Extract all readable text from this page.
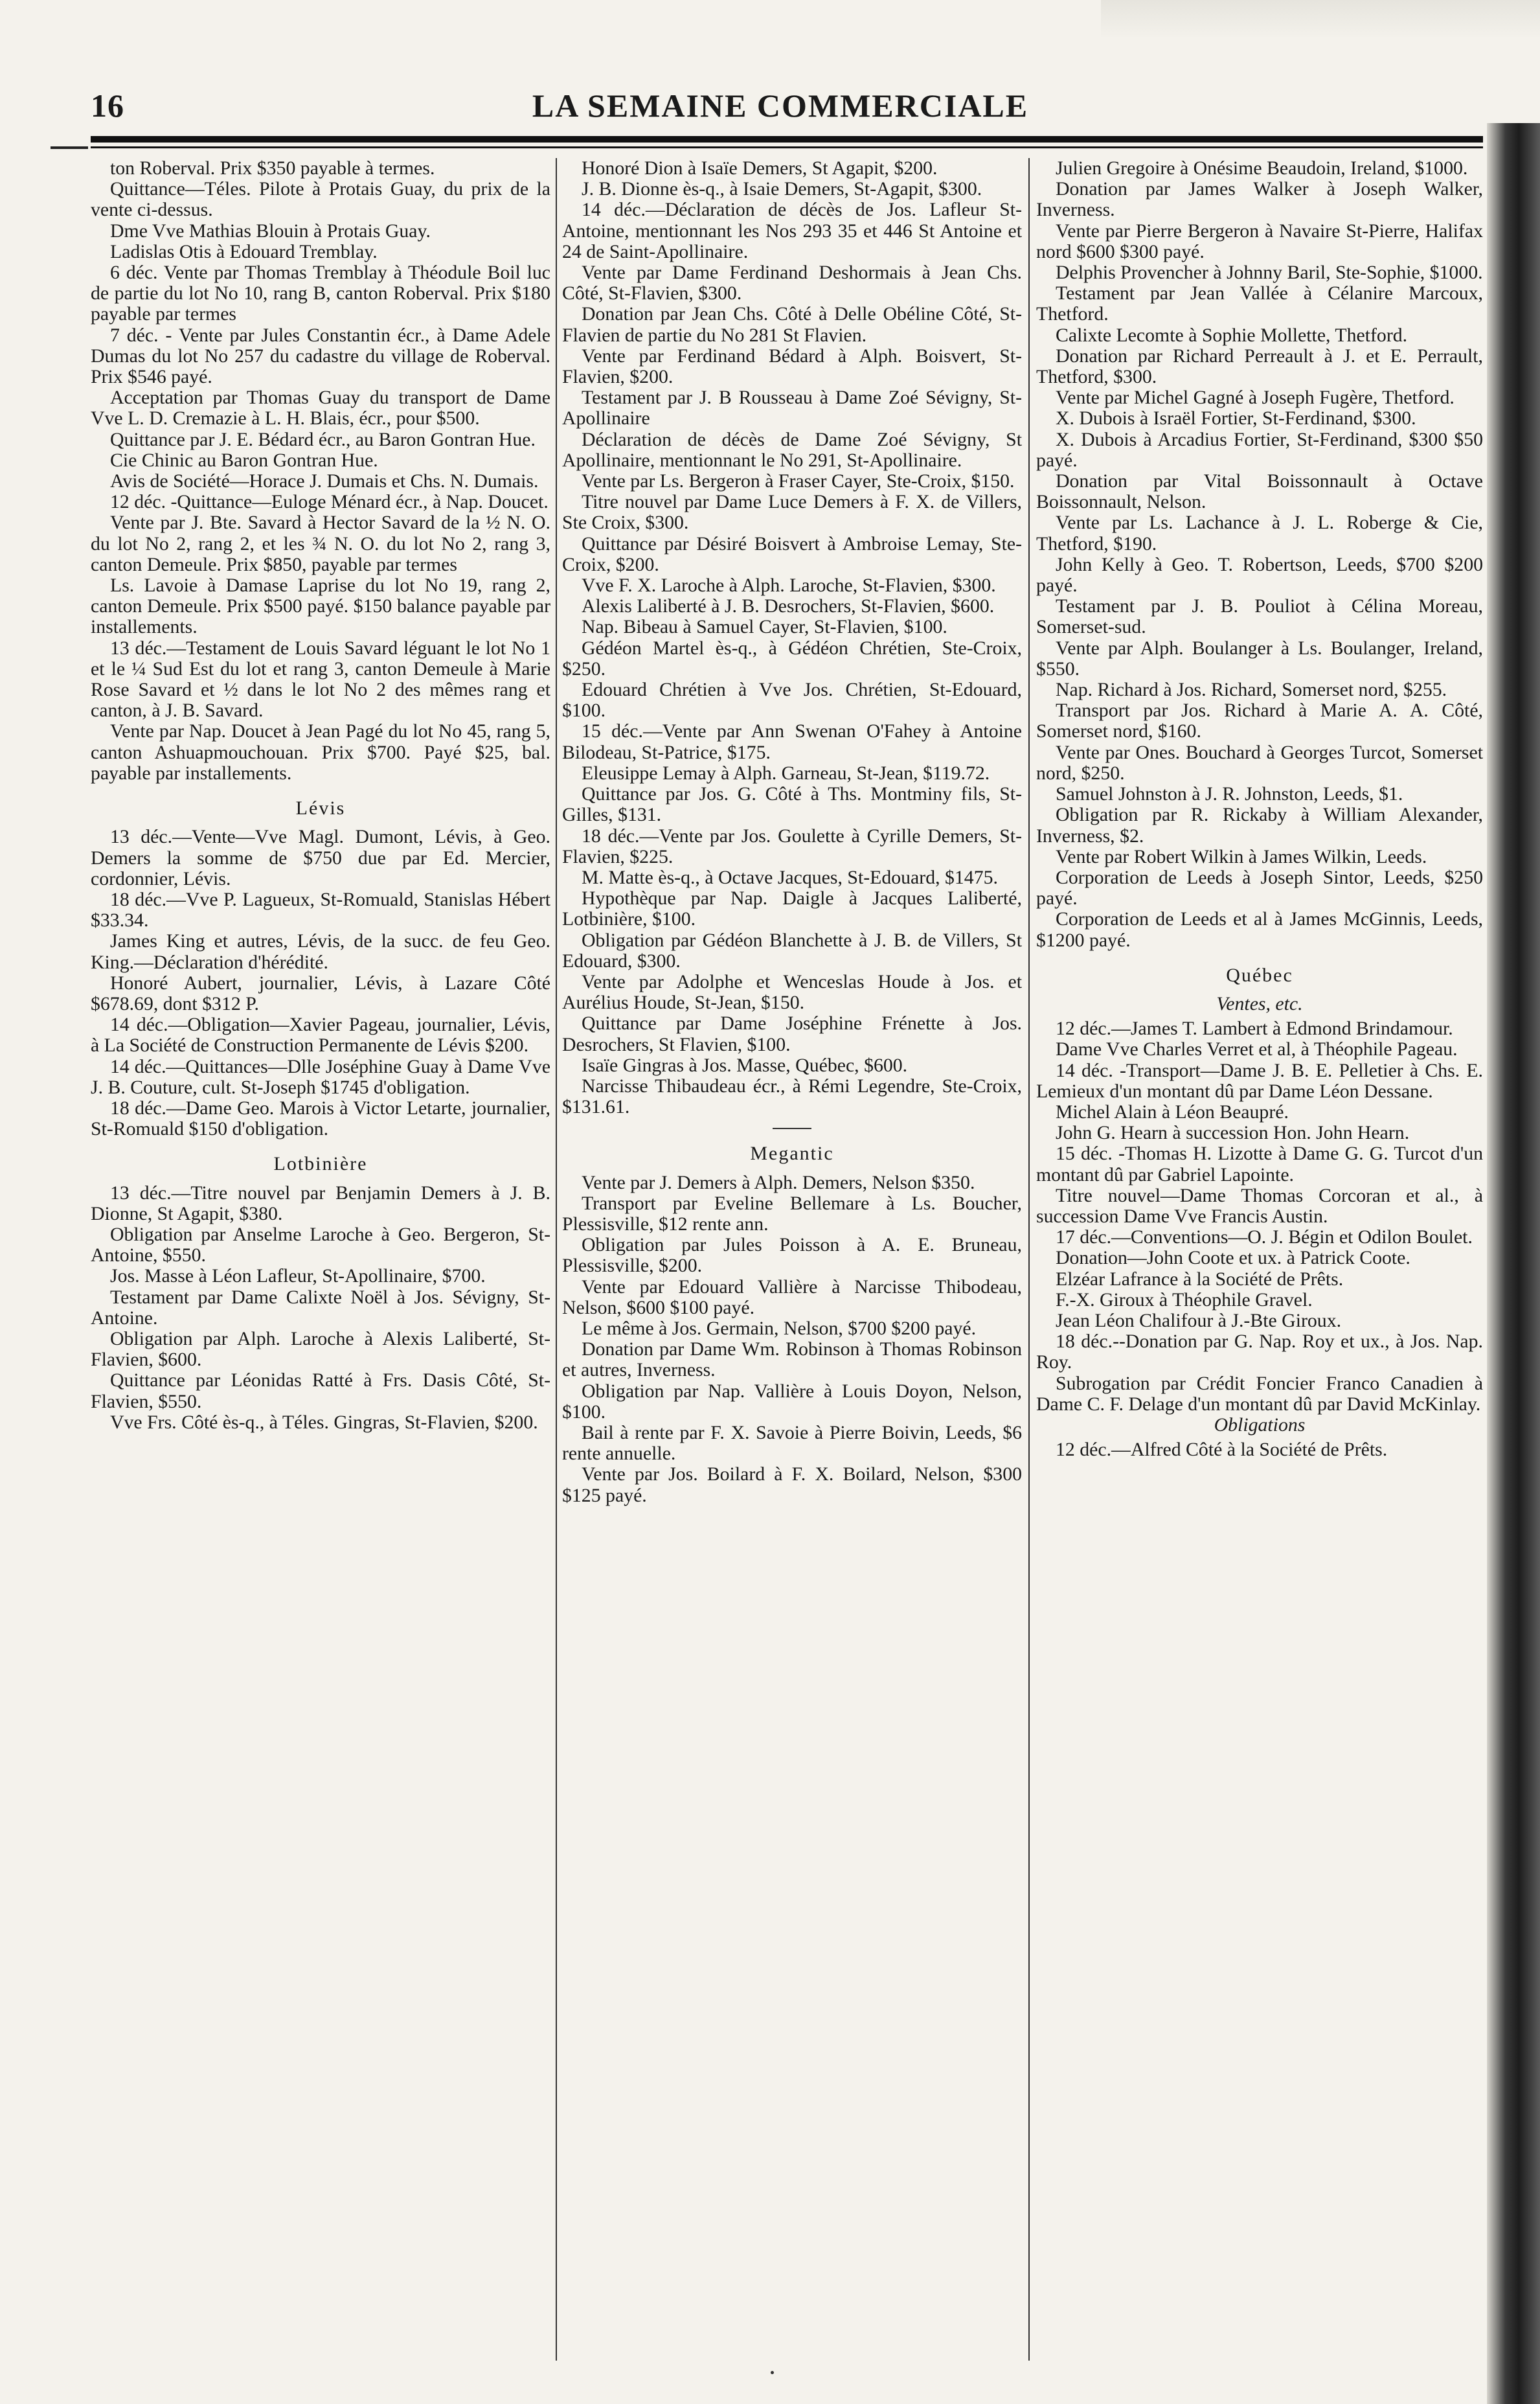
16	LA SEMAINE COMMERCIALE

ton Roberval. Prix $350 payable à termes.

Quittance—Téles. Pilote à Protais Guay, du prix de la vente ci-dessus.

Dme Vve Mathias Blouin à Protais Guay.

Ladislas Otis à Edouard Tremblay.

6 déc. Vente par Thomas Tremblay à Théodule Boil luc de partie du lot No 10, rang B, canton Roberval. Prix $180 payable par termes

7 déc. - Vente par Jules Constantin écr., à Dame Adele Dumas du lot No 257 du cadastre du village de Roberval. Prix $546 payé.

Acceptation par Thomas Guay du transport de Dame Vve L. D. Cremazie à L. H. Blais, écr., pour $500.

Quittance par J. E. Bédard écr., au Baron Gontran Hue.

Cie Chinic au Baron Gontran Hue.

Avis de Société—Horace J. Dumais et Chs. N. Dumais.

12 déc. -Quittance—Euloge Ménard écr., à Nap. Doucet.

Vente par J. Bte. Savard à Hector Savard de la ½ N. O. du lot No 2, rang 2, et les ¾ N. O. du lot No 2, rang 3, canton Demeule. Prix $850, payable par termes

Ls. Lavoie à Damase Laprise du lot No 19, rang 2, canton Demeule. Prix $500 payé. $150 balance payable par installements.

13 déc.—Testament de Louis Savard léguant le lot No 1 et le ¼ Sud Est du lot et rang 3, canton Demeule à Marie Rose Savard et ½ dans le lot No 2 des mêmes rang et canton, à J. B. Savard.

Vente par Nap. Doucet à Jean Pagé du lot No 45, rang 5, canton Ashuapmouchouan. Prix $700. Payé $25, bal. payable par installements.

Lévis

13 déc.—Vente—Vve Magl. Dumont, Lévis, à Geo. Demers la somme de $750 due par Ed. Mercier, cordonnier, Lévis.

18 déc.—Vve P. Lagueux, St-Romuald, Stanislas Hébert $33.34.

James King et autres, Lévis, de la succ. de feu Geo. King.—Déclaration d'hérédité.

Honoré Aubert, journalier, Lévis, à Lazare Côté $678.69, dont $312 P.

14 déc.—Obligation—Xavier Pageau, journalier, Lévis, à La Société de Construction Permanente de Lévis $200.

14 déc.—Quittances—Dlle Joséphine Guay à Dame Vve J. B. Couture, cult. St-Joseph $1745 d'obligation.

18 déc.—Dame Geo. Marois à Victor Letarte, journalier, St-Romuald $150 d'obligation.

Lotbinière

13 déc.—Titre nouvel par Benjamin Demers à J. B. Dionne, St Agapit, $380.

Obligation par Anselme Laroche à Geo. Bergeron, St-Antoine, $550.

Jos. Masse à Léon Lafleur, St-Apollinaire, $700.

Testament par Dame Calixte Noël à Jos. Sévigny, St-Antoine.

Obligation par Alph. Laroche à Alexis Laliberté, St-Flavien, $600.

Quittance par Léonidas Ratté à Frs. Dasis Côté, St-Flavien, $550.

Vve Frs. Côté ès-q., à Téles. Gingras, St-Flavien, $200.

Honoré Dion à Isaïe Demers, St Agapit, $200.

J. B. Dionne ès-q., à Isaie Demers, St-Agapit, $300.

14 déc.—Déclaration de décès de Jos. Lafleur St-Antoine, mentionnant les Nos 293 35 et 446 St Antoine et 24 de Saint-Apollinaire.

Vente par Dame Ferdinand Deshormais à Jean Chs. Côté, St-Flavien, $300.

Donation par Jean Chs. Côté à Delle Obéline Côté, St-Flavien de partie du No 281 St Flavien.

Vente par Ferdinand Bédard à Alph. Boisvert, St-Flavien, $200.

Testament par J. B Rousseau à Dame Zoé Sévigny, St-Apollinaire

Déclaration de décès de Dame Zoé Sévigny, St Apollinaire, mentionnant le No 291, St-Apollinaire.

Vente par Ls. Bergeron à Fraser Cayer, Ste-Croix, $150.

Titre nouvel par Dame Luce Demers à F. X. de Villers, Ste Croix, $300.

Quittance par Désiré Boisvert à Ambroise Lemay, Ste-Croix, $200.

Vve F. X. Laroche à Alph. Laroche, St-Flavien, $300.

Alexis Laliberté à J. B. Desrochers, St-Flavien, $600.

Nap. Bibeau à Samuel Cayer, St-Flavien, $100.

Gédéon Martel ès-q., à Gédéon Chrétien, Ste-Croix, $250.

Edouard Chrétien à Vve Jos. Chrétien, St-Edouard, $100.

15 déc.—Vente par Ann Swenan O'Fahey à Antoine Bilodeau, St-Patrice, $175.

Eleusippe Lemay à Alph. Garneau, St-Jean, $119.72.

Quittance par Jos. G. Côté à Ths. Montminy fils, St-Gilles, $131.

18 déc.—Vente par Jos. Goulette à Cyrille Demers, St-Flavien, $225.

M. Matte ès-q., à Octave Jacques, St-Edouard, $1475.

Hypothèque par Nap. Daigle à Jacques Laliberté, Lotbinière, $100.

Obligation par Gédéon Blanchette à J. B. de Villers, St Edouard, $300.

Vente par Adolphe et Wenceslas Houde à Jos. et Aurélius Houde, St-Jean, $150.

Quittance par Dame Joséphine Frénette à Jos. Desrochers, St Flavien, $100.

Isaïe Gingras à Jos. Masse, Québec, $600.

Narcisse Thibaudeau écr., à Rémi Legendre, Ste-Croix, $131.61.

Megantic

Vente par J. Demers à Alph. Demers, Nelson $350.

Transport par Eveline Bellemare à Ls. Boucher, Plessisville, $12 rente ann.

Obligation par Jules Poisson à A. E. Bruneau, Plessisville, $200.

Vente par Edouard Vallière à Narcisse Thibodeau, Nelson, $600 $100 payé.

Le même à Jos. Germain, Nelson, $700 $200 payé.

Donation par Dame Wm. Robinson à Thomas Robinson et autres, Inverness.

Obligation par Nap. Vallière à Louis Doyon, Nelson, $100.

Bail à rente par F. X. Savoie à Pierre Boivin, Leeds, $6 rente annuelle.

Vente par Jos. Boilard à F. X. Boilard, Nelson, $300 $125 payé.

Julien Gregoire à Onésime Beaudoin, Ireland, $1000.

Donation par James Walker à Joseph Walker, Inverness.

Vente par Pierre Bergeron à Navaire St-Pierre, Halifax nord $600 $300 payé.

Delphis Provencher à Johnny Baril, Ste-Sophie, $1000.

Testament par Jean Vallée à Célanire Marcoux, Thetford.

Calixte Lecomte à Sophie Mollette, Thetford.

Donation par Richard Perreault à J. et E. Perrault, Thetford, $300.

Vente par Michel Gagné à Joseph Fugère, Thetford.

X. Dubois à Israël Fortier, St-Ferdinand, $300.

X. Dubois à Arcadius Fortier, St-Ferdinand, $300 $50 payé.

Donation par Vital Boissonnault à Octave Boissonnault, Nelson.

Vente par Ls. Lachance à J. L. Roberge & Cie, Thetford, $190.

John Kelly à Geo. T. Robertson, Leeds, $700 $200 payé.

Testament par J. B. Pouliot à Célina Moreau, Somerset-sud.

Vente par Alph. Boulanger à Ls. Boulanger, Ireland, $550.

Nap. Richard à Jos. Richard, Somerset nord, $255.

Transport par Jos. Richard à Marie A. A. Côté, Somerset nord, $160.

Vente par Ones. Bouchard à Georges Turcot, Somerset nord, $250.

Samuel Johnston à J. R. Johnston, Leeds, $1.

Obligation par R. Rickaby à William Alexander, Inverness, $2.

Vente par Robert Wilkin à James Wilkin, Leeds.

Corporation de Leeds à Joseph Sintor, Leeds, $250 payé.

Corporation de Leeds et al à James McGinnis, Leeds, $1200 payé.

Québec

Ventes, etc.

12 déc.—James T. Lambert à Edmond Brindamour.

Dame Vve Charles Verret et al, à Théophile Pageau.

14 déc. -Transport—Dame J. B. E. Pelletier à Chs. E. Lemieux d'un montant dû par Dame Léon Dessane.

Michel Alain à Léon Beaupré.

John G. Hearn à succession Hon. John Hearn.

15 déc. -Thomas H. Lizotte à Dame G. G. Turcot d'un montant dû par Gabriel Lapointe.

Titre nouvel—Dame Thomas Corcoran et al., à succession Dame Vve Francis Austin.

17 déc.—Conventions—O. J. Bégin et Odilon Boulet.

Donation—John Coote et ux. à Patrick Coote.

Elzéar Lafrance à la Société de Prêts.

F.-X. Giroux à Théophile Gravel.

Jean Léon Chalifour à J.-Bte Giroux.

18 déc.--Donation par G. Nap. Roy et ux., à Jos. Nap. Roy.

Subrogation par Crédit Foncier Franco Canadien à Dame C. F. Delage d'un montant dû par David McKinlay.

Obligations

12 déc.—Alfred Côté à la Société de Prêts.
